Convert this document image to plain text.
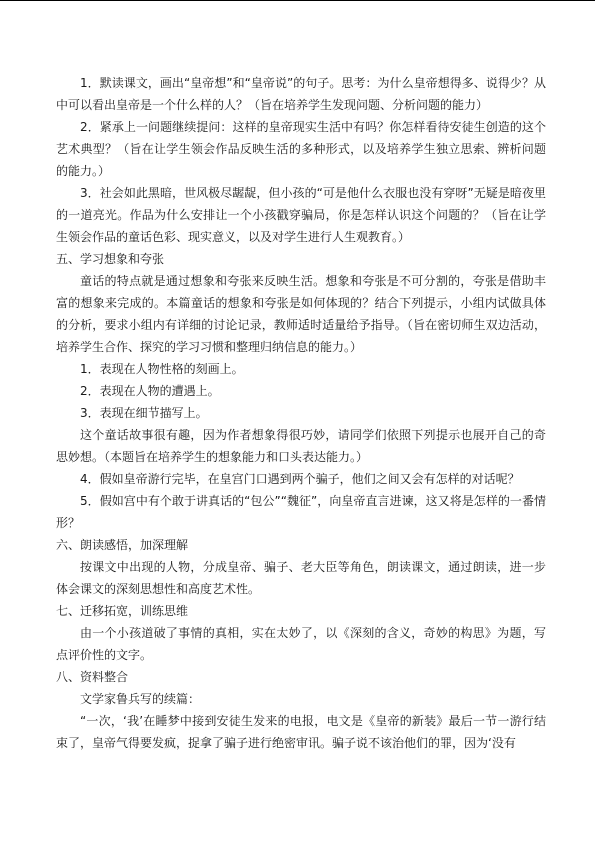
1．默读课文，画出“皇帝想”和“皇帝说”的句子。思考：为什么皇帝想得多、说得少？从中可以看出皇帝是一个什么样的人？（旨在培养学生发现问题、分析问题的能力）

2．紧承上一问题继续提问：这样的皇帝现实生活中有吗？你怎样看待安徒生创造的这个艺术典型？（旨在让学生领会作品反映生活的多种形式，以及培养学生独立思索、辨析问题的能力。）

3．社会如此黑暗，世风极尽龌龊，但小孩的“可是他什么衣服也没有穿呀”无疑是暗夜里的一道亮光。作品为什么安排让一个小孩戳穿骗局，你是怎样认识这个问题的？（旨在让学生领会作品的童话色彩、现实意义，以及对学生进行人生观教育。）

五、学习想象和夸张

童话的特点就是通过想象和夸张来反映生活。想象和夸张是不可分割的，夸张是借助丰富的想象来完成的。本篇童话的想象和夸张是如何体现的？结合下列提示，小组内试做具体的分析，要求小组内有详细的讨论记录，教师适时适量给予指导。（旨在密切师生双边活动，培养学生合作、探究的学习习惯和整理归纳信息的能力。）

1．表现在人物性格的刻画上。

2．表现在人物的遭遇上。

3．表现在细节描写上。

这个童话故事很有趣，因为作者想象得很巧妙，请同学们依照下列提示也展开自己的奇思妙想。（本题旨在培养学生的想象能力和口头表达能力。）

4．假如皇帝游行完毕，在皇宫门口遇到两个骗子，他们之间又会有怎样的对话呢？

5．假如宫中有个敢于讲真话的“包公”“魏征”，向皇帝直言进谏，这又将是怎样的一番情形？

六、朗读感悟，加深理解

按课文中出现的人物，分成皇帝、骗子、老大臣等角色，朗读课文，通过朗读，进一步体会课文的深刻思想性和高度艺术性。

七、迁移拓宽，训练思维

由一个小孩道破了事情的真相，实在太妙了，以《深刻的含义，奇妙的构思》为题，写点评价性的文字。

八、资料整合

文学家鲁兵写的续篇：

“一次，‘我’在睡梦中接到安徒生发来的电报，电文是《皇帝的新装》最后一节一游行结束了，皇帝气得要发疯，捉拿了骗子进行绝密审讯。骗子说不该治他们的罪，因为‘没有
